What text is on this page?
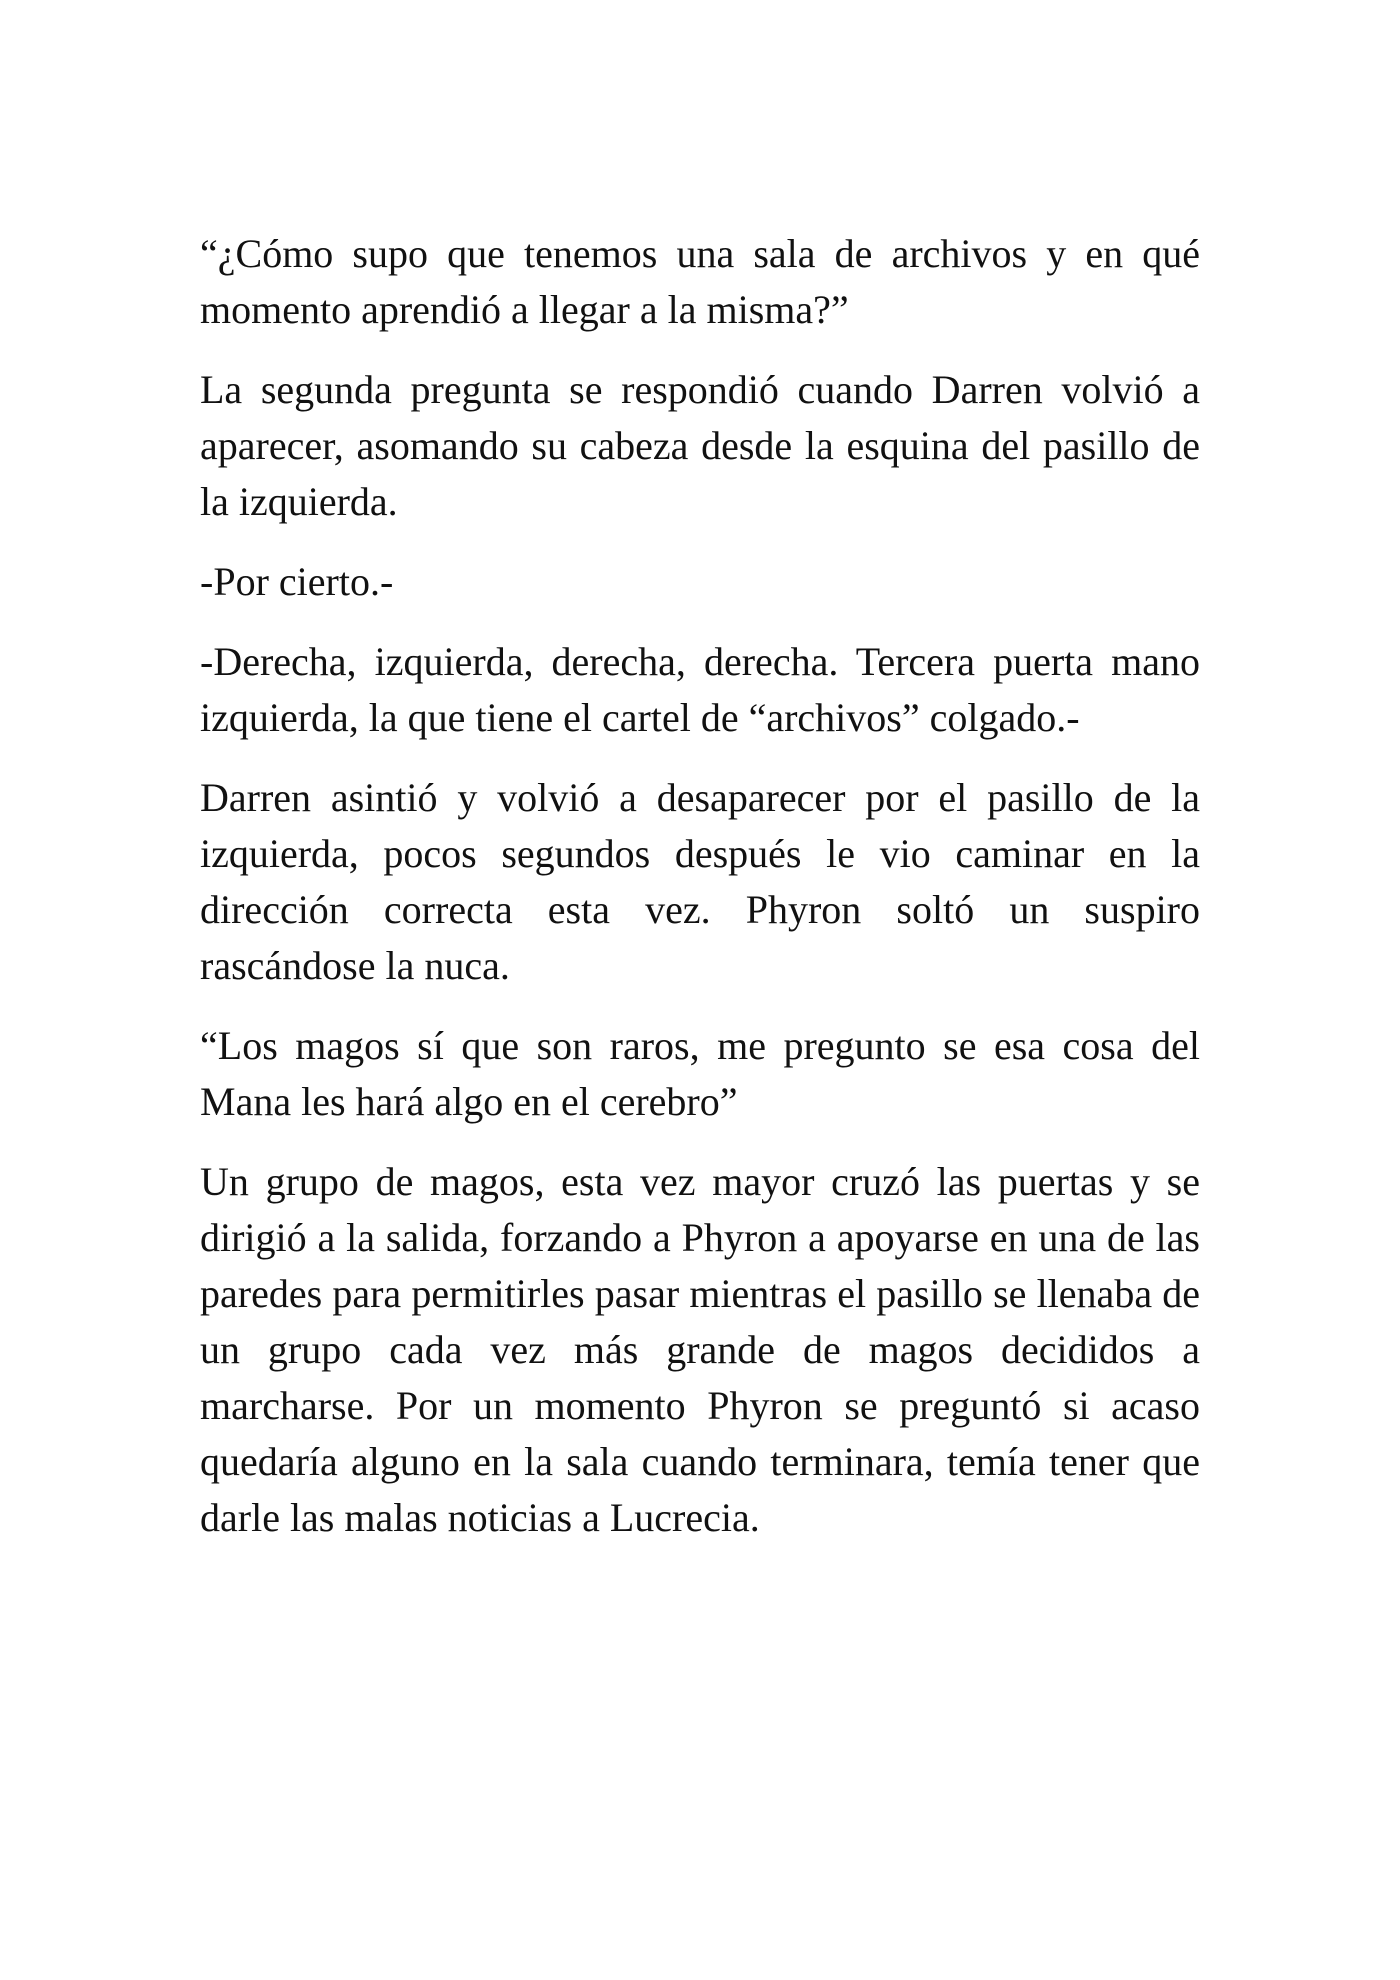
“¿Cómo supo que tenemos una sala de archivos y en qué momento aprendió a llegar a la misma?”

La segunda pregunta se respondió cuando Darren volvió a aparecer, asomando su cabeza desde la esquina del pasillo de la izquierda.

-Por cierto.-

-Derecha, izquierda, derecha, derecha. Tercera puerta mano izquierda, la que tiene el cartel de “archivos” colgado.-

Darren asintió y volvió a desaparecer por el pasillo de la izquierda, pocos segundos después le vio caminar en la dirección correcta esta vez. Phyron soltó un suspiro rascándose la nuca.

“Los magos sí que son raros, me pregunto se esa cosa del Mana les hará algo en el cerebro”

Un grupo de magos, esta vez mayor cruzó las puertas y se dirigió a la salida, forzando a Phyron a apoyarse en una de las paredes para permitirles pasar mientras el pasillo se llenaba de un grupo cada vez más grande de magos decididos a marcharse. Por un momento Phyron se preguntó si acaso quedaría alguno en la sala cuando terminara, temía tener que darle las malas noticias a Lucrecia.
